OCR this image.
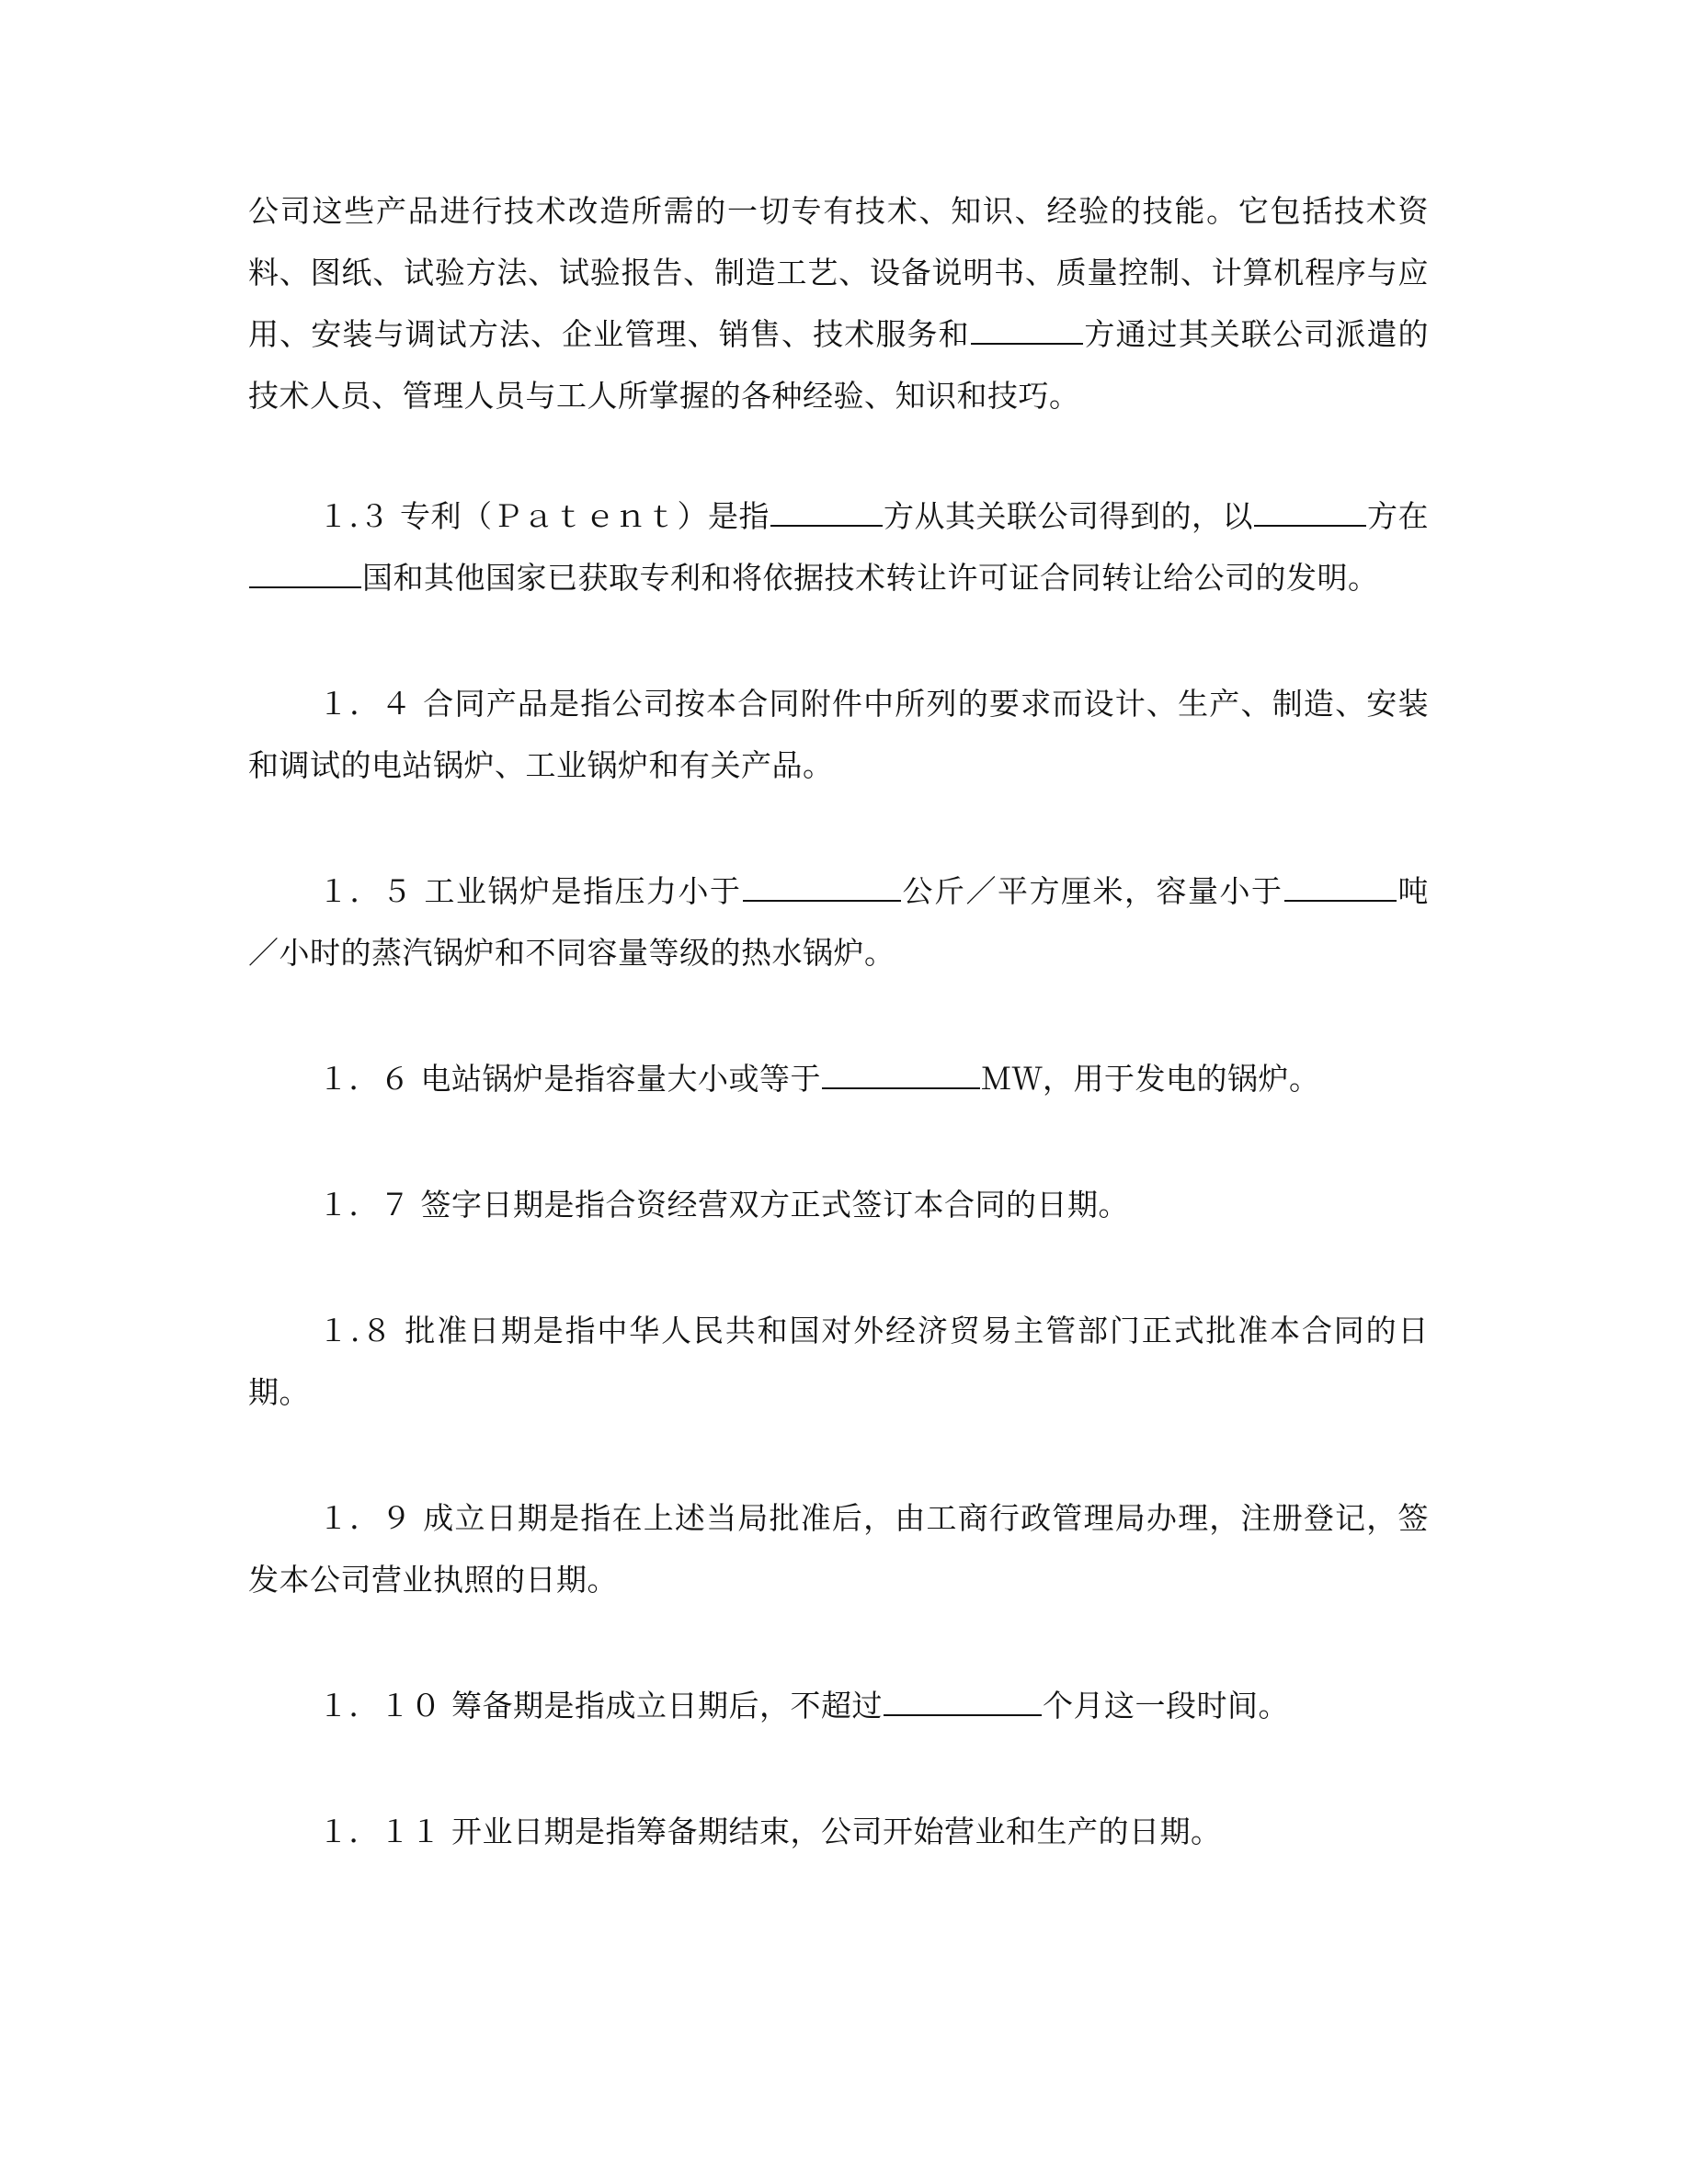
公司这些产品进行技术改造所需的一切专有技术、知识、经验的技能。它包括技术资料、图纸、试验方法、试验报告、制造工艺、设备说明书、质量控制、计算机程序与应用、安装与调试方法、企业管理、销售、技术服务和	方通过其关联公司派遣的技术人员、管理人员与工人所掌握的各种经验、知识和技巧。

１.３ 专利（Ｐａｔｅｎｔ）是指	方从其关联公司得到的，以	方在国和其他国家已获取专利和将依据技术转让许可证合同转让给公司的发明。

１．４ 合同产品是指公司按本合同附件中所列的要求而设计、生产、制造、安装和调试的电站锅炉、工业锅炉和有关产品。

１．５ 工业锅炉是指压力小于	公斤／平方厘米，容量小于	吨／小时的蒸汽锅炉和不同容量等级的热水锅炉。

１．６ 电站锅炉是指容量大小或等于	ＭＷ，用于发电的锅炉。

１．７ 签字日期是指合资经营双方正式签订本合同的日期。

１.８ 批准日期是指中华人民共和国对外经济贸易主管部门正式批准本合同的日期。

１．９ 成立日期是指在上述当局批准后，由工商行政管理局办理，注册登记，签发本公司营业执照的日期。

１．１０ 筹备期是指成立日期后，不超过	个月这一段时间。

１．１１ 开业日期是指筹备期结束，公司开始营业和生产的日期。
